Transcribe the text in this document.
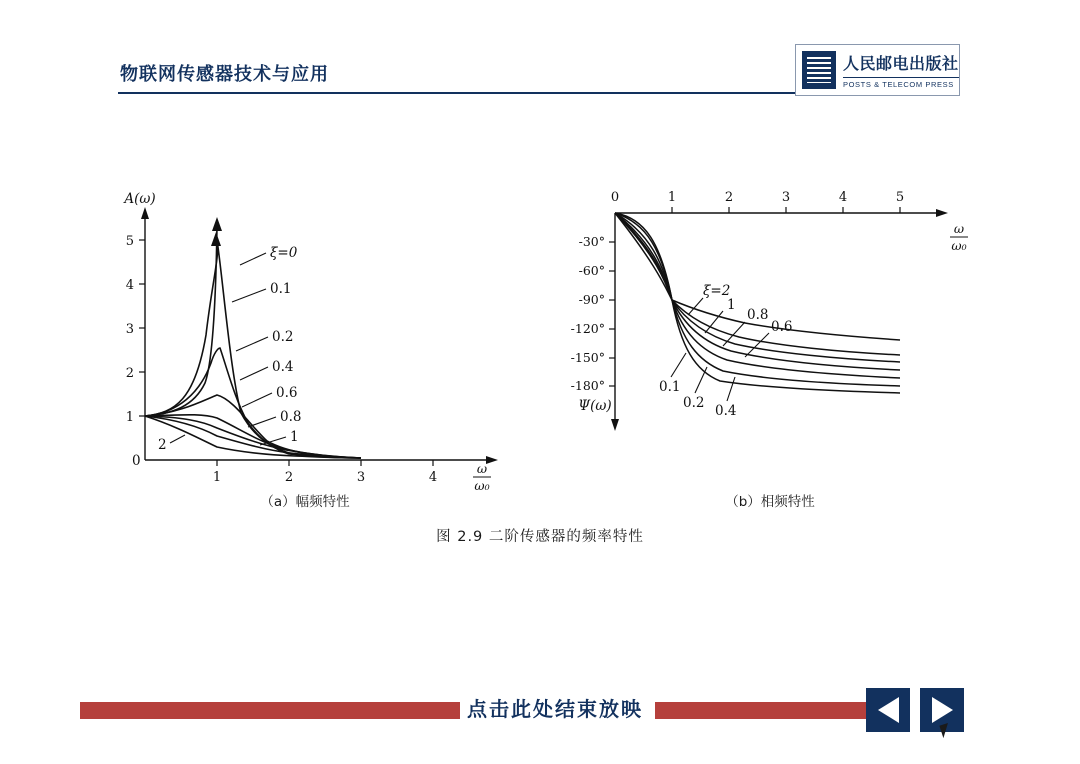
物联网传感器技术与应用	人民邮电出版社
POSTS & TELECOM PRESS
1
2
3
4
5
1	2	3	4
A(ω)
ω
ω₀
ξ=0
0.1
0.2
0.4
0.6
0.8
1
2
0
（a）幅频特性
0	1	2	3	4	5
-30°
-60°
-90°
-120°
-150°
-180°
ω
ω₀
Ψ(ω)
ξ=2
1
0.8
0.6
0.1
0.2 0.4
（b）相频特性
图 2.9 二阶传感器的频率特性
点击此处结束放映
